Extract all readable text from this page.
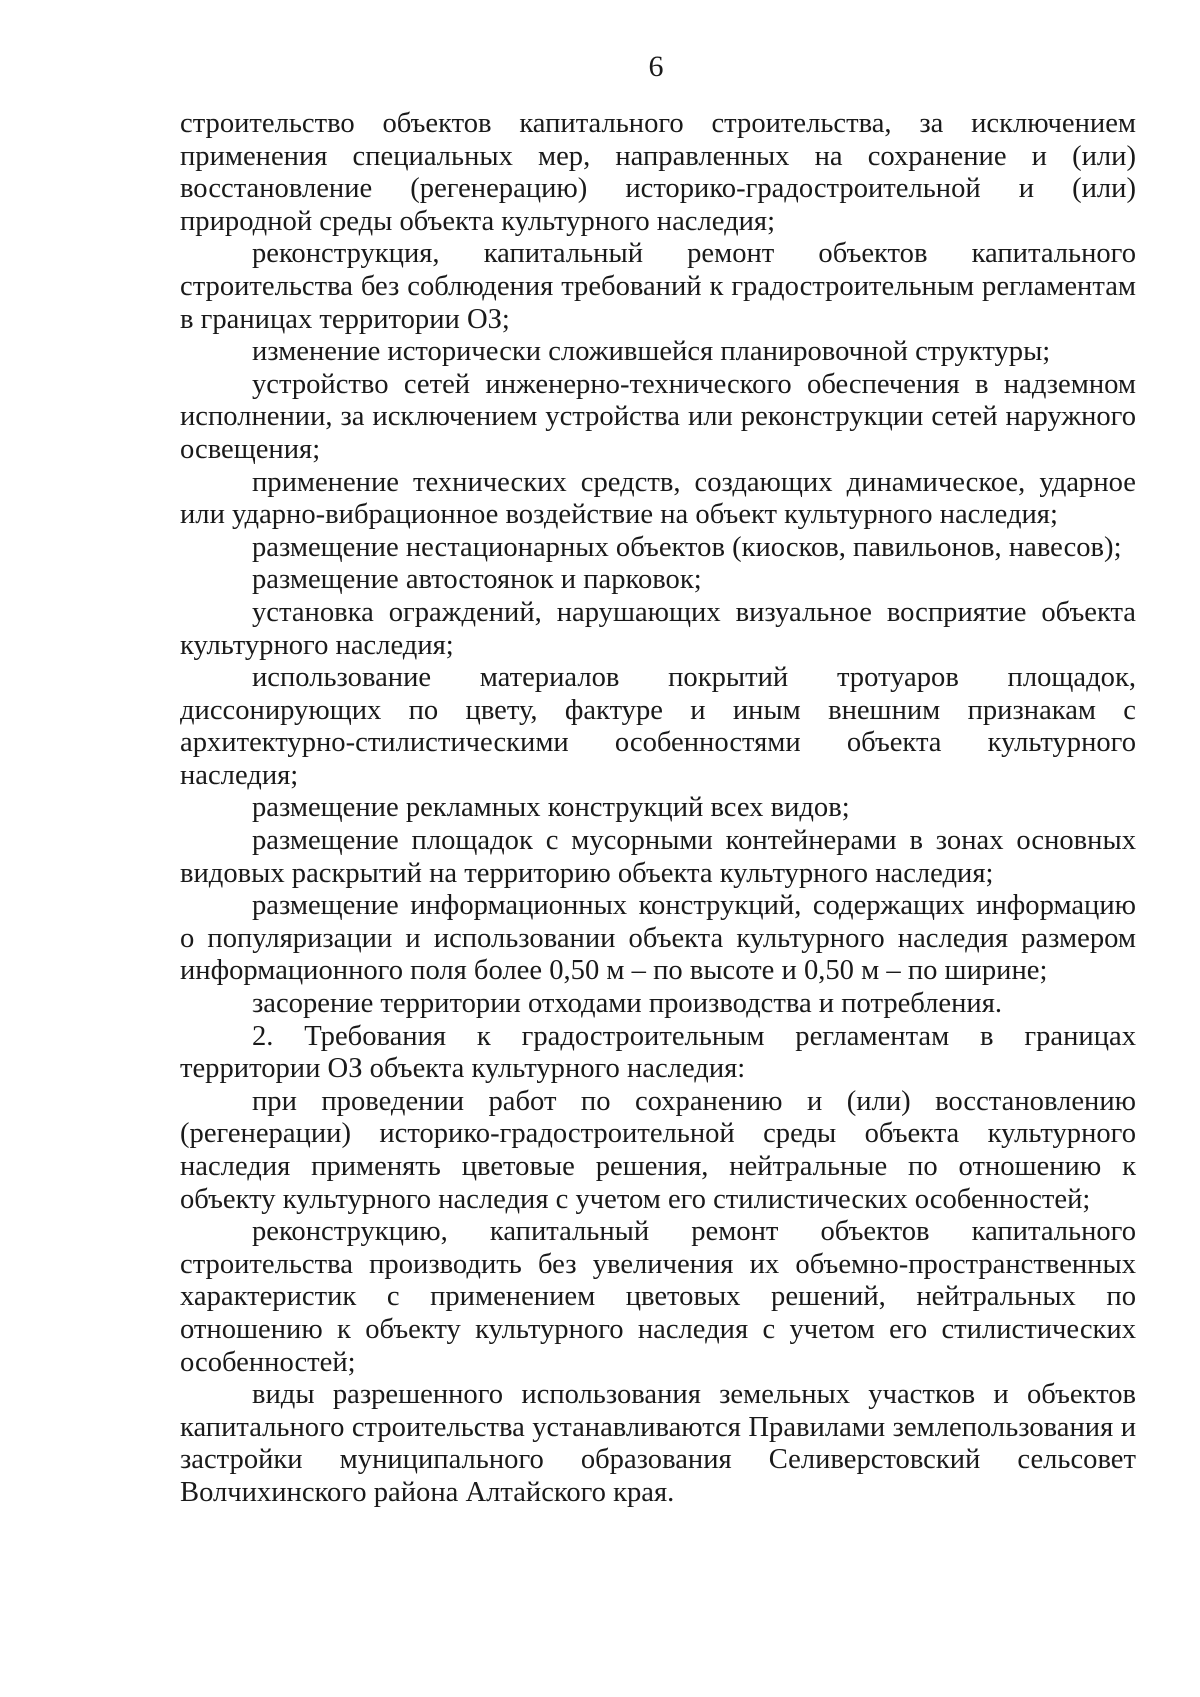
6

строительство объектов капитального строительства, за исключением применения специальных мер, направленных на сохранение и (или) восстановление (регенерацию) историко-градостроительной и (или) природной среды объекта культурного наследия;

реконструкция, капитальный ремонт объектов капитального строительства без соблюдения требований к градостроительным регламентам в границах территории ОЗ;

изменение исторически сложившейся планировочной структуры;

устройство сетей инженерно-технического обеспечения в надземном исполнении, за исключением устройства или реконструкции сетей наружного освещения;

применение технических средств, создающих динамическое, ударное или ударно-вибрационное воздействие на объект культурного наследия;

размещение нестационарных объектов (киосков, павильонов, навесов);

размещение автостоянок и парковок;

установка ограждений, нарушающих визуальное восприятие объекта культурного наследия;

использование материалов покрытий тротуаров площадок, диссонирующих по цвету, фактуре и иным внешним признакам с архитектурно-стилистическими особенностями объекта культурного наследия;

размещение рекламных конструкций всех видов;

размещение площадок с мусорными контейнерами в зонах основных видовых раскрытий на территорию объекта культурного наследия;

размещение информационных конструкций, содержащих информацию о популяризации и использовании объекта культурного наследия размером информационного поля более 0,50 м – по высоте и 0,50 м – по ширине;

засорение территории отходами производства и потребления.

2. Требования к градостроительным регламентам в границах территории ОЗ объекта культурного наследия:

при проведении работ по сохранению и (или) восстановлению (регенерации) историко-градостроительной среды объекта культурного наследия применять цветовые решения, нейтральные по отношению к объекту культурного наследия с учетом его стилистических особенностей;

реконструкцию, капитальный ремонт объектов капитального строительства производить без увеличения их объемно-пространственных характеристик с применением цветовых решений, нейтральных по отношению к объекту культурного наследия с учетом его стилистических особенностей;

виды разрешенного использования земельных участков и объектов капитального строительства устанавливаются Правилами землепользования и застройки муниципального образования Селиверстовский сельсовет Волчихинского района Алтайского края.
